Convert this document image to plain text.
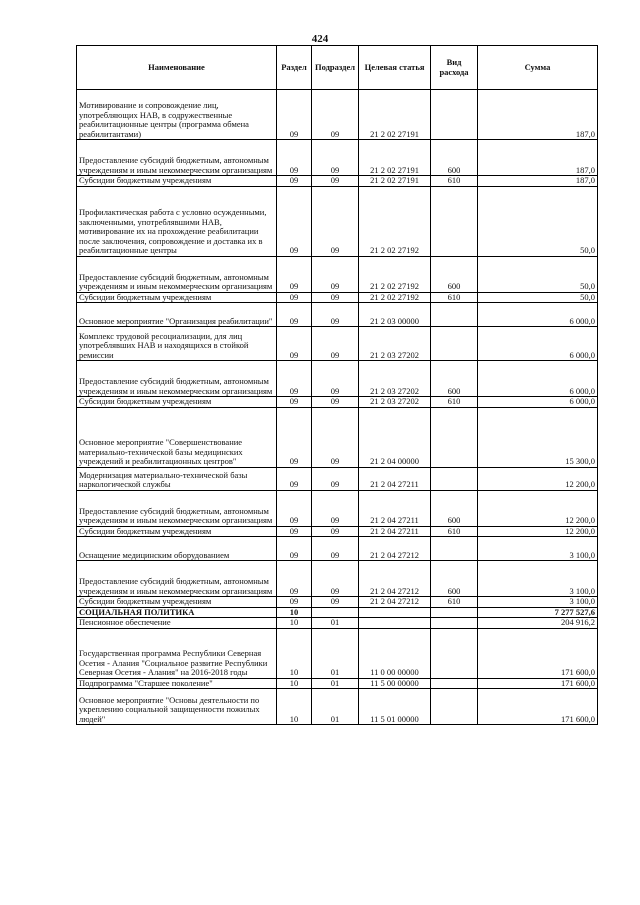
424
Наименование	Раздел	Подраздел	Целевая статья	Вид расхода	Сумма
Мотивирование и сопровождение лиц, употребляющих НАВ, в содружественные реабилитационные центры (программа обмена реабилитантами)	09	09	21 2 02 27191		187,0
Предоставление субсидий бюджетным, автономным учреждениям и иным некоммерческим организациям	09	09	21 2 02 27191	600	187,0
Субсидии бюджетным учреждениям	09	09	21 2 02 27191	610	187,0
Профилактическая работа с условно осужденными, заключенными, употреблявшими НАВ, мотивирование их на прохождение реабилитации после заключения, сопровождение и доставка их в реабилитационные центры	09	09	21 2 02 27192		50,0
Предоставление субсидий бюджетным, автономным учреждениям и иным некоммерческим организациям	09	09	21 2 02 27192	600	50,0
Субсидии бюджетным учреждениям	09	09	21 2 02 27192	610	50,0
Основное мероприятие "Организация реабилитации"	09	09	21 2 03 00000		6 000,0
Комплекс трудовой ресоциализации, для лиц употреблявших НАВ и находящихся в стойкой ремиссии	09	09	21 2 03 27202		6 000,0
Предоставление субсидий бюджетным, автономным учреждениям и иным некоммерческим организациям	09	09	21 2 03 27202	600	6 000,0
Субсидии бюджетным учреждениям	09	09	21 2 03 27202	610	6 000,0
Основное мероприятие "Совершенствование материально-технической базы медицинских учреждений и реабилитационных центров"	09	09	21 2 04 00000		15 300,0
Модернизация материально-технической базы наркологической службы	09	09	21 2 04 27211		12 200,0
Предоставление субсидий бюджетным, автономным учреждениям и иным некоммерческим организациям	09	09	21 2 04 27211	600	12 200,0
Субсидии бюджетным учреждениям	09	09	21 2 04 27211	610	12 200,0
Оснащение медицинским оборудованием	09	09	21 2 04 27212		3 100,0
Предоставление субсидий бюджетным, автономным учреждениям и иным некоммерческим организациям	09	09	21 2 04 27212	600	3 100,0
Субсидии бюджетным учреждениям	09	09	21 2 04 27212	610	3 100,0
СОЦИАЛЬНАЯ ПОЛИТИКА	10				7 277 527,6
Пенсионное обеспечение	10	01			204 916,2
Государственная программа Республики Северная Осетия - Алания "Социальное развитие Республики Северная Осетия - Алания" на 2016-2018 годы	10	01	11 0 00 00000		171 600,0
Подпрограмма "Старшее поколение"	10	01	11 5 00 00000		171 600,0
Основное мероприятие "Основы деятельности по укреплению социальной защищенности пожилых людей"	10	01	11 5 01 00000		171 600,0
